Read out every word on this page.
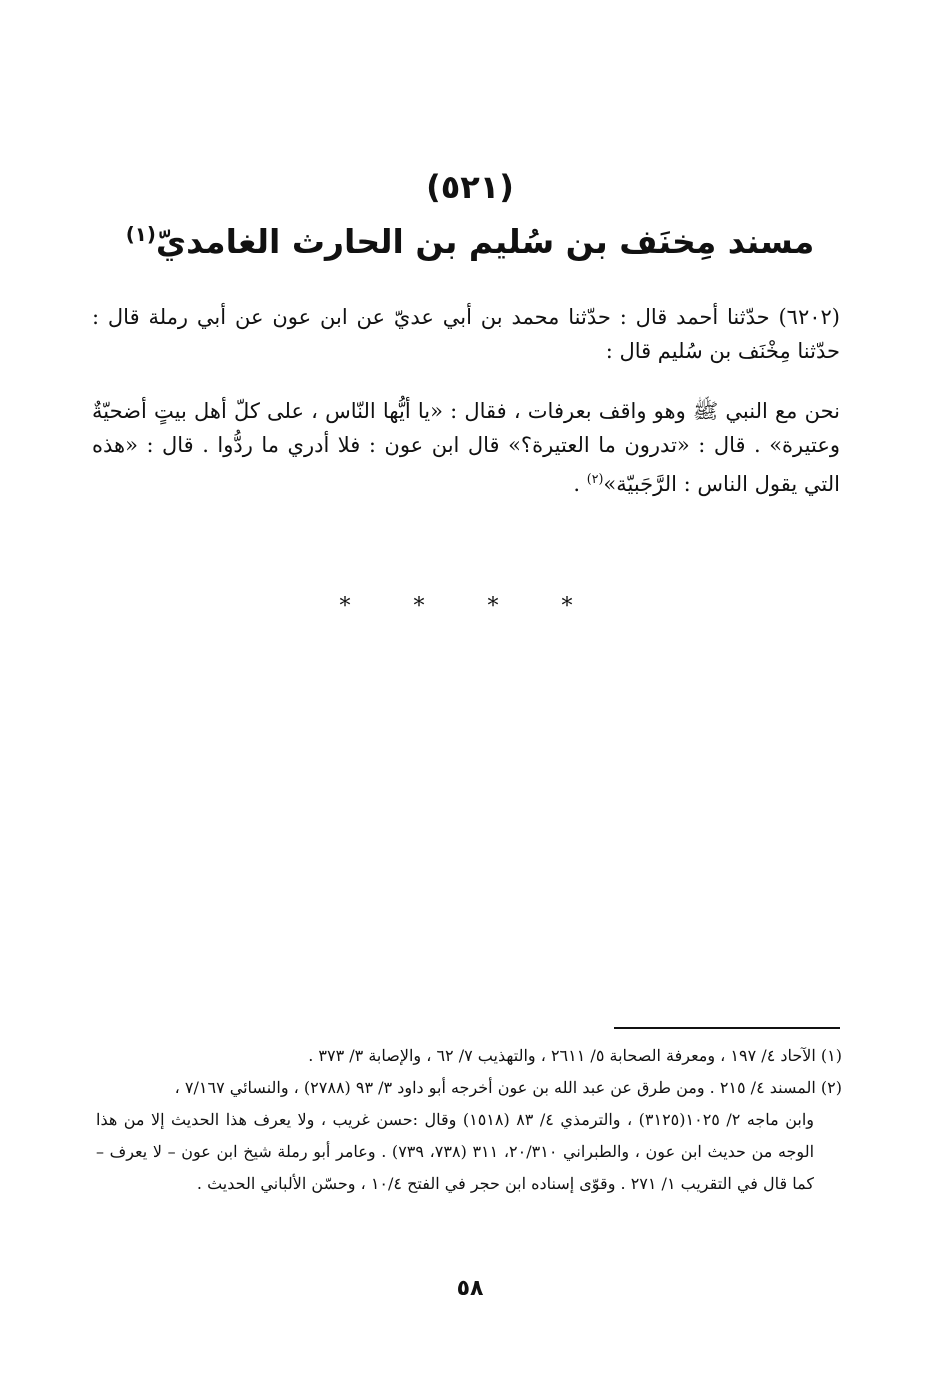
(٥٢١)
مسند مِخنَف بن سُليم بن الحارث الغامديّ$^{(١)}$
(٦٢٠٢) حدّثنا أحمد قال : حدّثنا محمد بن أبي عديّ عن ابن عون عن أبي رملة قال : حدّثنا مِخْنَف بن سُليم قال :
نحن مع النبي ﷺ وهو واقف بعرفات ، فقال : «يا أيُّها النّاس ، على كلّ أهل بيتٍ أضحيّةٌ وعتيرة» . قال : «تدرون ما العتيرة؟» قال ابن عون : فلا أدري ما ردُّوا . قال : «هذه التي يقول الناس : الرَّجَبيّة»$^{(٢)}$ .
* * * *

(١) الآحاد ٤/ ١٩٧ ، ومعرفة الصحابة ٥/ ٢٦١١ ، والتهذيب ٧/ ٦٢ ، والإصابة ٣/ ٣٧٣ .

(٢) المسند ٤/ ٢١٥ . ومن طرق عن عبد الله بن عون أخرجه أبو داود ٣/ ٩٣ (٢٧٨٨) ، والنسائي ٧/١٦٧ ،

وابن ماجه ٢/ ١٠٢٥(٣١٢٥) ، والترمذي ٤/ ٨٣ (١٥١٨) وقال :حسن غريب ، ولا يعرف هذا الحديث إلا من هذا الوجه من حديث ابن عون ، والطبراني ٢٠/٣١٠، ٣١١ (٧٣٨، ٧٣٩) . وعامر أبو رملة شيخ ابن عون – لا يعرف – كما قال في التقريب ١/ ٢٧١ . وقوّى إسناده ابن حجر في الفتح ١٠/٤ ، وحسّن الألباني الحديث .

٥٨
